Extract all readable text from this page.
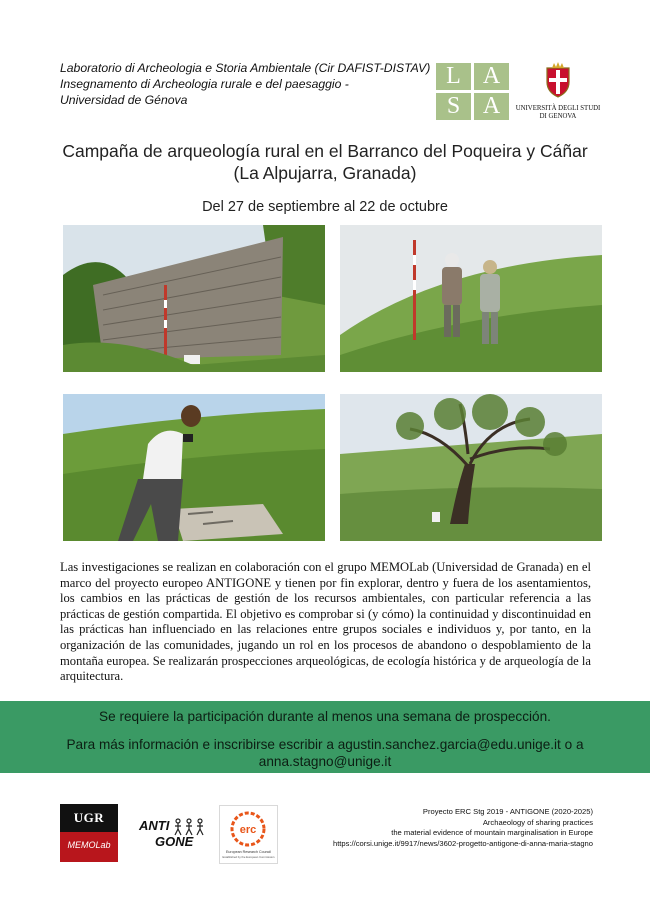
Laboratorio di Archeologia e Storia Ambientale (Cir DAFIST-DISTAV)
Insegnamento di Archeologia rurale e del paesaggio -
Universidad de Génova
L A
S A	UNIVERSITÀ DEGLI STUDI
DI GENOVA
Campaña de arqueología rural en el Barranco del Poqueira y Cáñar
(La Alpujarra, Granada)
Del 27 de septiembre al 22 de octubre
Las investigaciones se realizan en colaboración con el grupo MEMOLab (Universidad de Granada) en el marco del proyecto europeo ANTIGONE y tienen por fin explorar, dentro y fuera de los asentamientos, los cambios en las prácticas de gestión de los recursos ambientales, con particular referencia a las prácticas de gestión compartida. El objetivo es comprobar si (y cómo) la continuidad y discontinuidad en las prácticas han influenciado en las relaciones entre grupos sociales e individuos y, por tanto, en la organización de las comunidades, jugando un rol en los procesos de abandono o despoblamiento de la montaña europea. Se realizarán prospecciones arqueológicas, de ecología histórica y de arqueología de la arquitectura.
Se requiere la participación durante al menos una semana de prospección.
Para más información e inscribirse escribir a agustin.sanchez.garcia@edu.unige.it o a anna.stagno@unige.it
UGR
MEMOLab
ANTI
GONE
erc
European Research Council
Established by the European Commission
Proyecto ERC Stg 2019 - ANTIGONE (2020-2025)
Archaeology of sharing practices
the material evidence of mountain marginalisation in Europe
https://corsi.unige.it/9917/news/3602-progetto-antigone-di-anna-maria-stagno
